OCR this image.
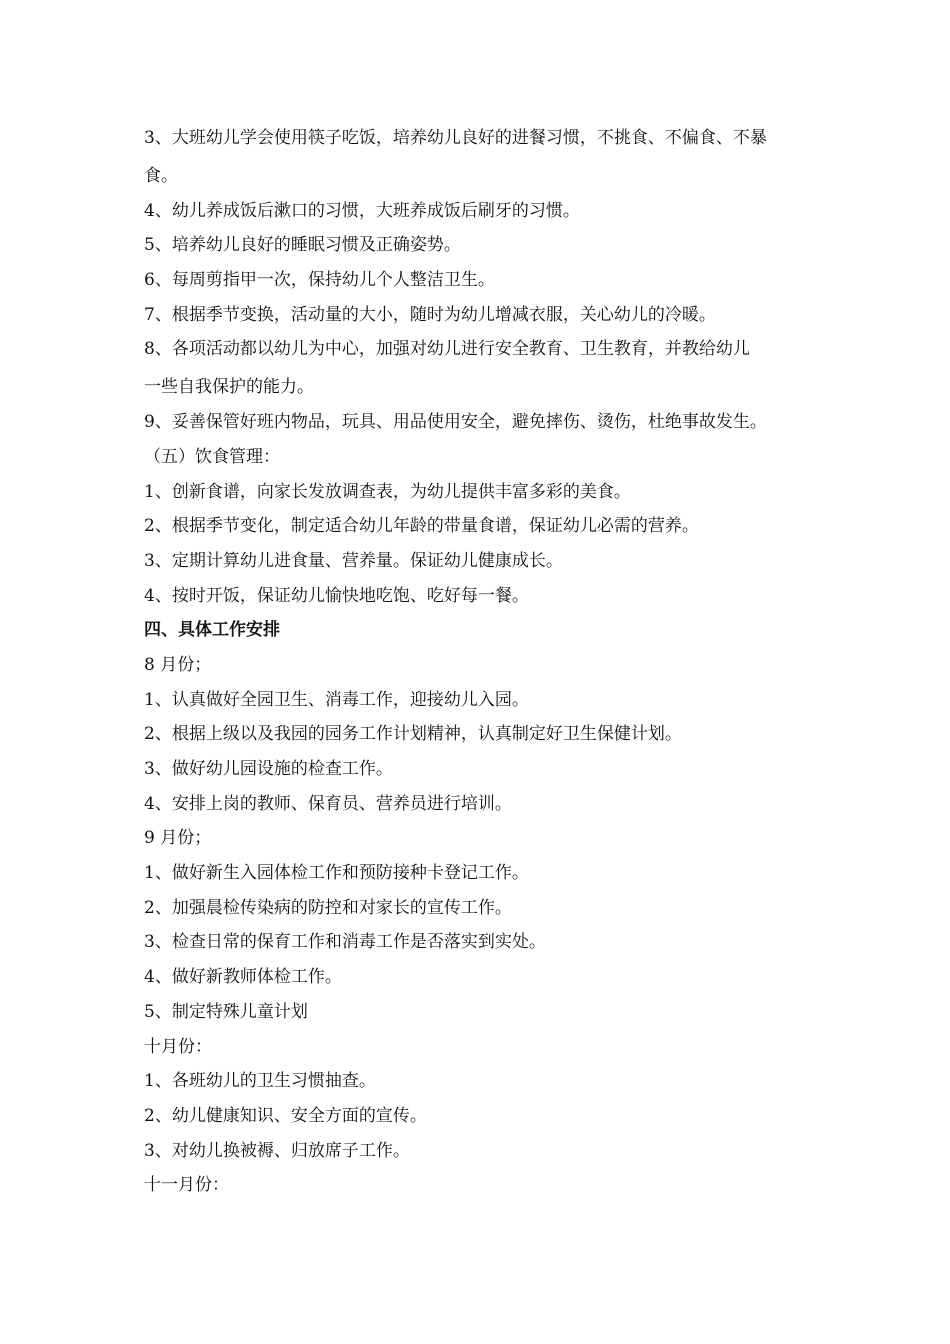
3、大班幼儿学会使用筷子吃饭，培养幼儿良好的进餐习惯，不挑食、不偏食、不暴
食。
4、幼儿养成饭后漱口的习惯，大班养成饭后刷牙的习惯。
5、培养幼儿良好的睡眠习惯及正确姿势。
6、每周剪指甲一次，保持幼儿个人整洁卫生。
7、根据季节变换，活动量的大小，随时为幼儿增减衣服，关心幼儿的冷暖。
8、各项活动都以幼儿为中心，加强对幼儿进行安全教育、卫生教育，并教给幼儿
一些自我保护的能力。
9、妥善保管好班内物品，玩具、用品使用安全，避免摔伤、烫伤，杜绝事故发生。
（五）饮食管理：
1、创新食谱，向家长发放调查表，为幼儿提供丰富多彩的美食。
2、根据季节变化，制定适合幼儿年龄的带量食谱，保证幼儿必需的营养。
3、定期计算幼儿进食量、营养量。保证幼儿健康成长。
4、按时开饭，保证幼儿愉快地吃饱、吃好每一餐。
四、具体工作安排
8 月份；
1、认真做好全园卫生、消毒工作，迎接幼儿入园。
2、根据上级以及我园的园务工作计划精神，认真制定好卫生保健计划。
3、做好幼儿园设施的检查工作。
4、安排上岗的教师、保育员、营养员进行培训。
9 月份；
1、做好新生入园体检工作和预防接种卡登记工作。
2、加强晨检传染病的防控和对家长的宣传工作。
3、检查日常的保育工作和消毒工作是否落实到实处。
4、做好新教师体检工作。
5、制定特殊儿童计划
十月份：
1、各班幼儿的卫生习惯抽查。
2、幼儿健康知识、安全方面的宣传。
3、对幼儿换被褥、归放席子工作。
十一月份：
